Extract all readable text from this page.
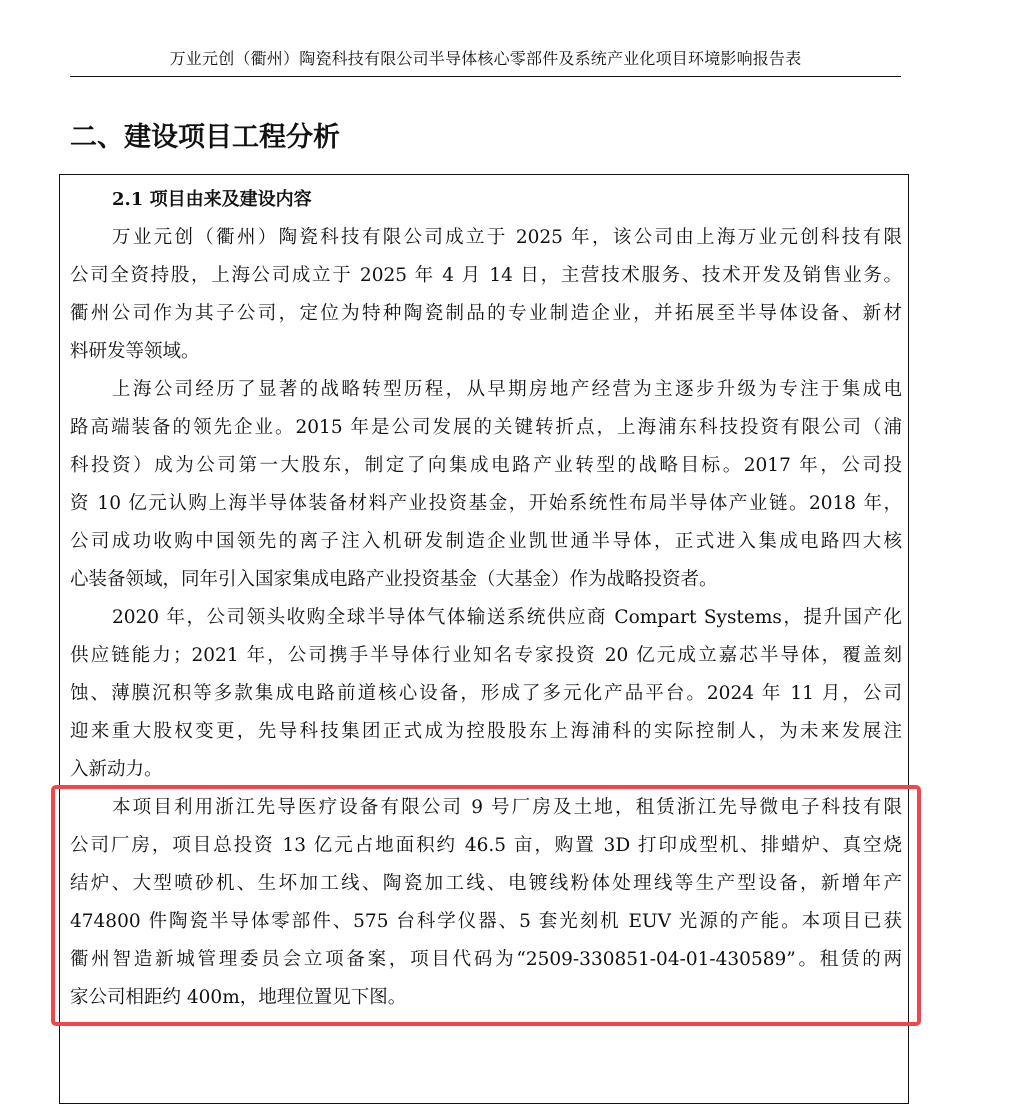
万业元创（衢州）陶瓷科技有限公司半导体核心零部件及系统产业化项目环境影响报告表
二、建设项目工程分析
2.1 项目由来及建设内容
万业元创（衢州）陶瓷科技有限公司成立于 2025 年，该公司由上海万业元创科技有限
公司全资持股，上海公司成立于 2025 年 4 月 14 日，主营技术服务、技术开发及销售业务。
衢州公司作为其子公司，定位为特种陶瓷制品的专业制造企业，并拓展至半导体设备、新材
料研发等领域。
上海公司经历了显著的战略转型历程，从早期房地产经营为主逐步升级为专注于集成电
路高端装备的领先企业。2015 年是公司发展的关键转折点，上海浦东科技投资有限公司（浦
科投资）成为公司第一大股东，制定了向集成电路产业转型的战略目标。2017 年，公司投
资 10 亿元认购上海半导体装备材料产业投资基金，开始系统性布局半导体产业链。2018 年，
公司成功收购中国领先的离子注入机研发制造企业凯世通半导体，正式进入集成电路四大核
心装备领域，同年引入国家集成电路产业投资基金（大基金）作为战略投资者。
2020 年，公司领头收购全球半导体气体输送系统供应商 Compart Systems，提升国产化
供应链能力；2021 年，公司携手半导体行业知名专家投资 20 亿元成立嘉芯半导体，覆盖刻
蚀、薄膜沉积等多款集成电路前道核心设备，形成了多元化产品平台。2024 年 11 月，公司
迎来重大股权变更，先导科技集团正式成为控股股东上海浦科的实际控制人，为未来发展注
入新动力。
本项目利用浙江先导医疗设备有限公司 9 号厂房及土地，租赁浙江先导微电子科技有限
公司厂房，项目总投资 13 亿元占地面积约 46.5 亩，购置 3D 打印成型机、排蜡炉、真空烧
结炉、大型喷砂机、生坏加工线、陶瓷加工线、电镀线粉体处理线等生产型设备，新增年产
474800 件陶瓷半导体零部件、575 台科学仪器、5 套光刻机 EUV 光源的产能。本项目已获
衢州智造新城管理委员会立项备案，项目代码为“2509-330851-04-01-430589”。租赁的两
家公司相距约 400m，地理位置见下图。
